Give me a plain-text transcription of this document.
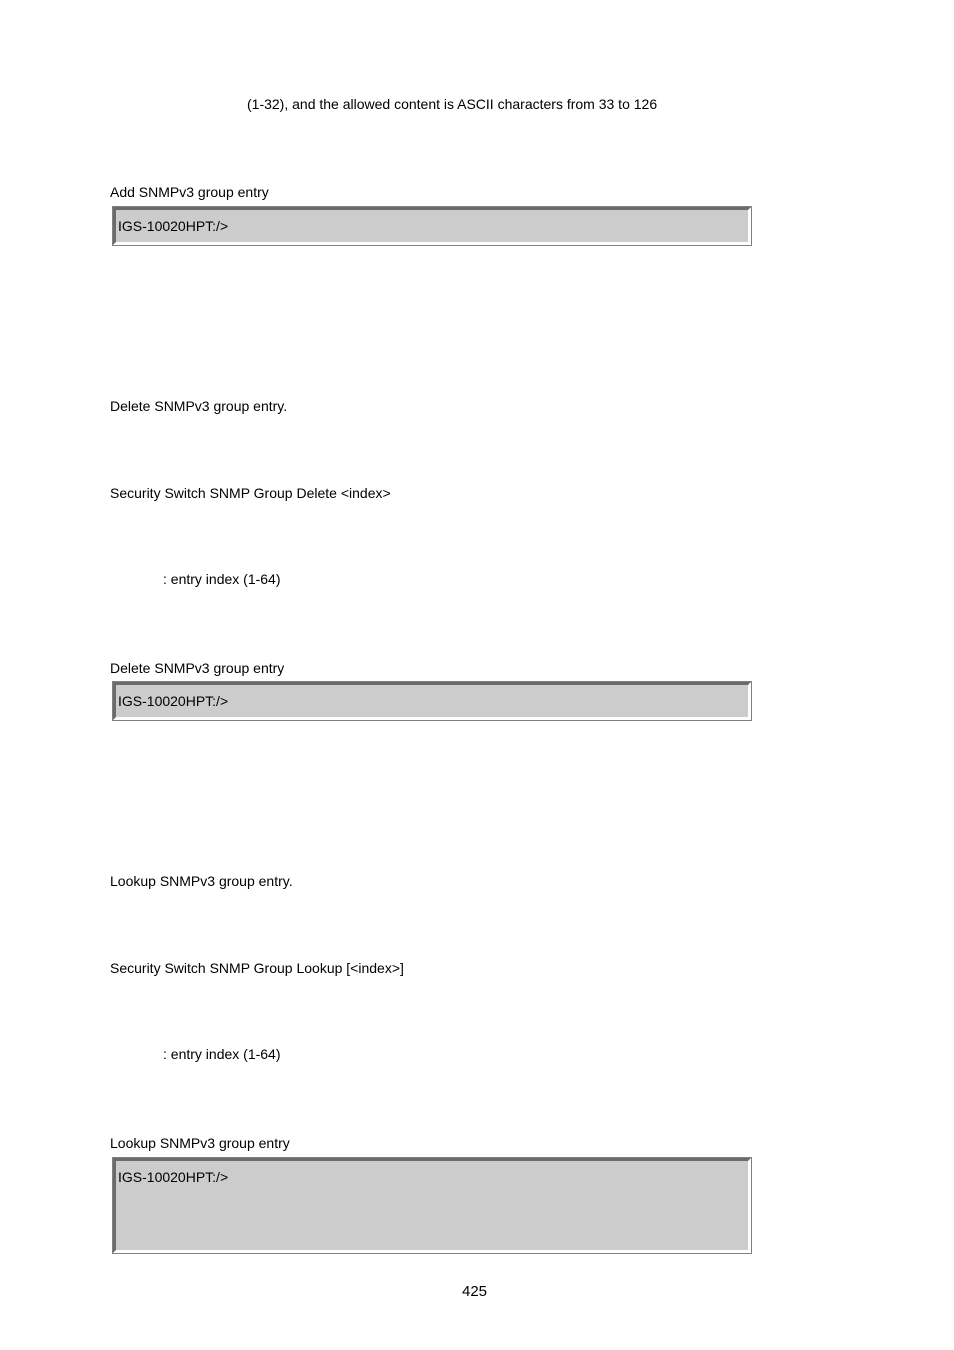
(1-32), and the allowed content is ASCII characters from 33 to 126
Add SNMPv3 group entry
IGS-10020HPT:/>
Delete SNMPv3 group entry.
Security Switch SNMP Group Delete <index>
: entry index (1-64)
Delete SNMPv3 group entry
IGS-10020HPT:/>
Lookup SNMPv3 group entry.
Security Switch SNMP Group Lookup [<index>]
: entry index (1-64)
Lookup SNMPv3 group entry
IGS-10020HPT:/>
425
